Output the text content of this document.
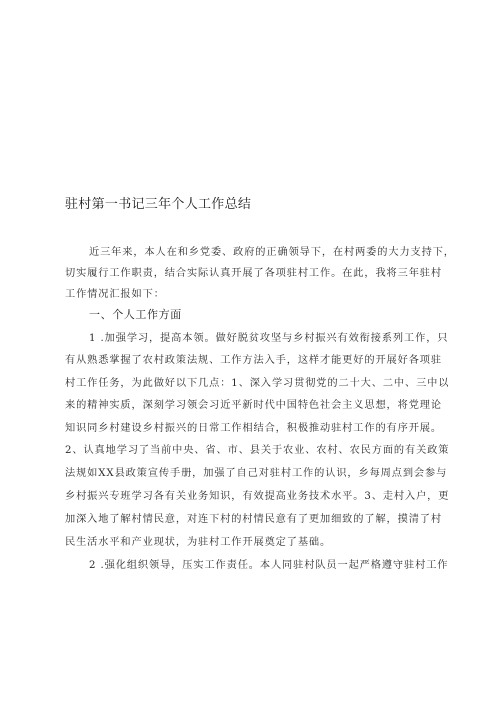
驻村第一书记三年个人工作总结

近三年来，本人在和乡党委、政府的正确领导下，在村两委的大力支持下，

切实履行工作职责，结合实际认真开展了各项驻村工作。在此，我将三年驻村

工作情况汇报如下：

一、个人工作方面

1 .加强学习，提高本领。做好脱贫攻坚与乡村振兴有效衔接系列工作，只

有从熟悉掌握了农村政策法规、工作方法入手，这样才能更好的开展好各项驻

村工作任务，为此做好以下几点：1、深入学习贯彻党的二十大、二中、三中以

来的精神实质，深刻学习领会习近平新时代中国特色社会主义思想，将党理论

知识同乡村建设乡村振兴的日常工作相结合，积极推动驻村工作的有序开展。

2、认真地学习了当前中央、省、市、县关于农业、农村、农民方面的有关政策

法规如XX县政策宣传手册，加强了自己对驻村工作的认识，乡每周点到会参与

乡村振兴专班学习各有关业务知识，有效提高业务技术水平。3、走村入户，更

加深入地了解村情民意，对连下村的村情民意有了更加细致的了解，摸清了村

民生活水平和产业现状，为驻村工作开展奠定了基础。

2 .强化组织领导，压实工作责任。本人同驻村队员一起严格遵守驻村工作
